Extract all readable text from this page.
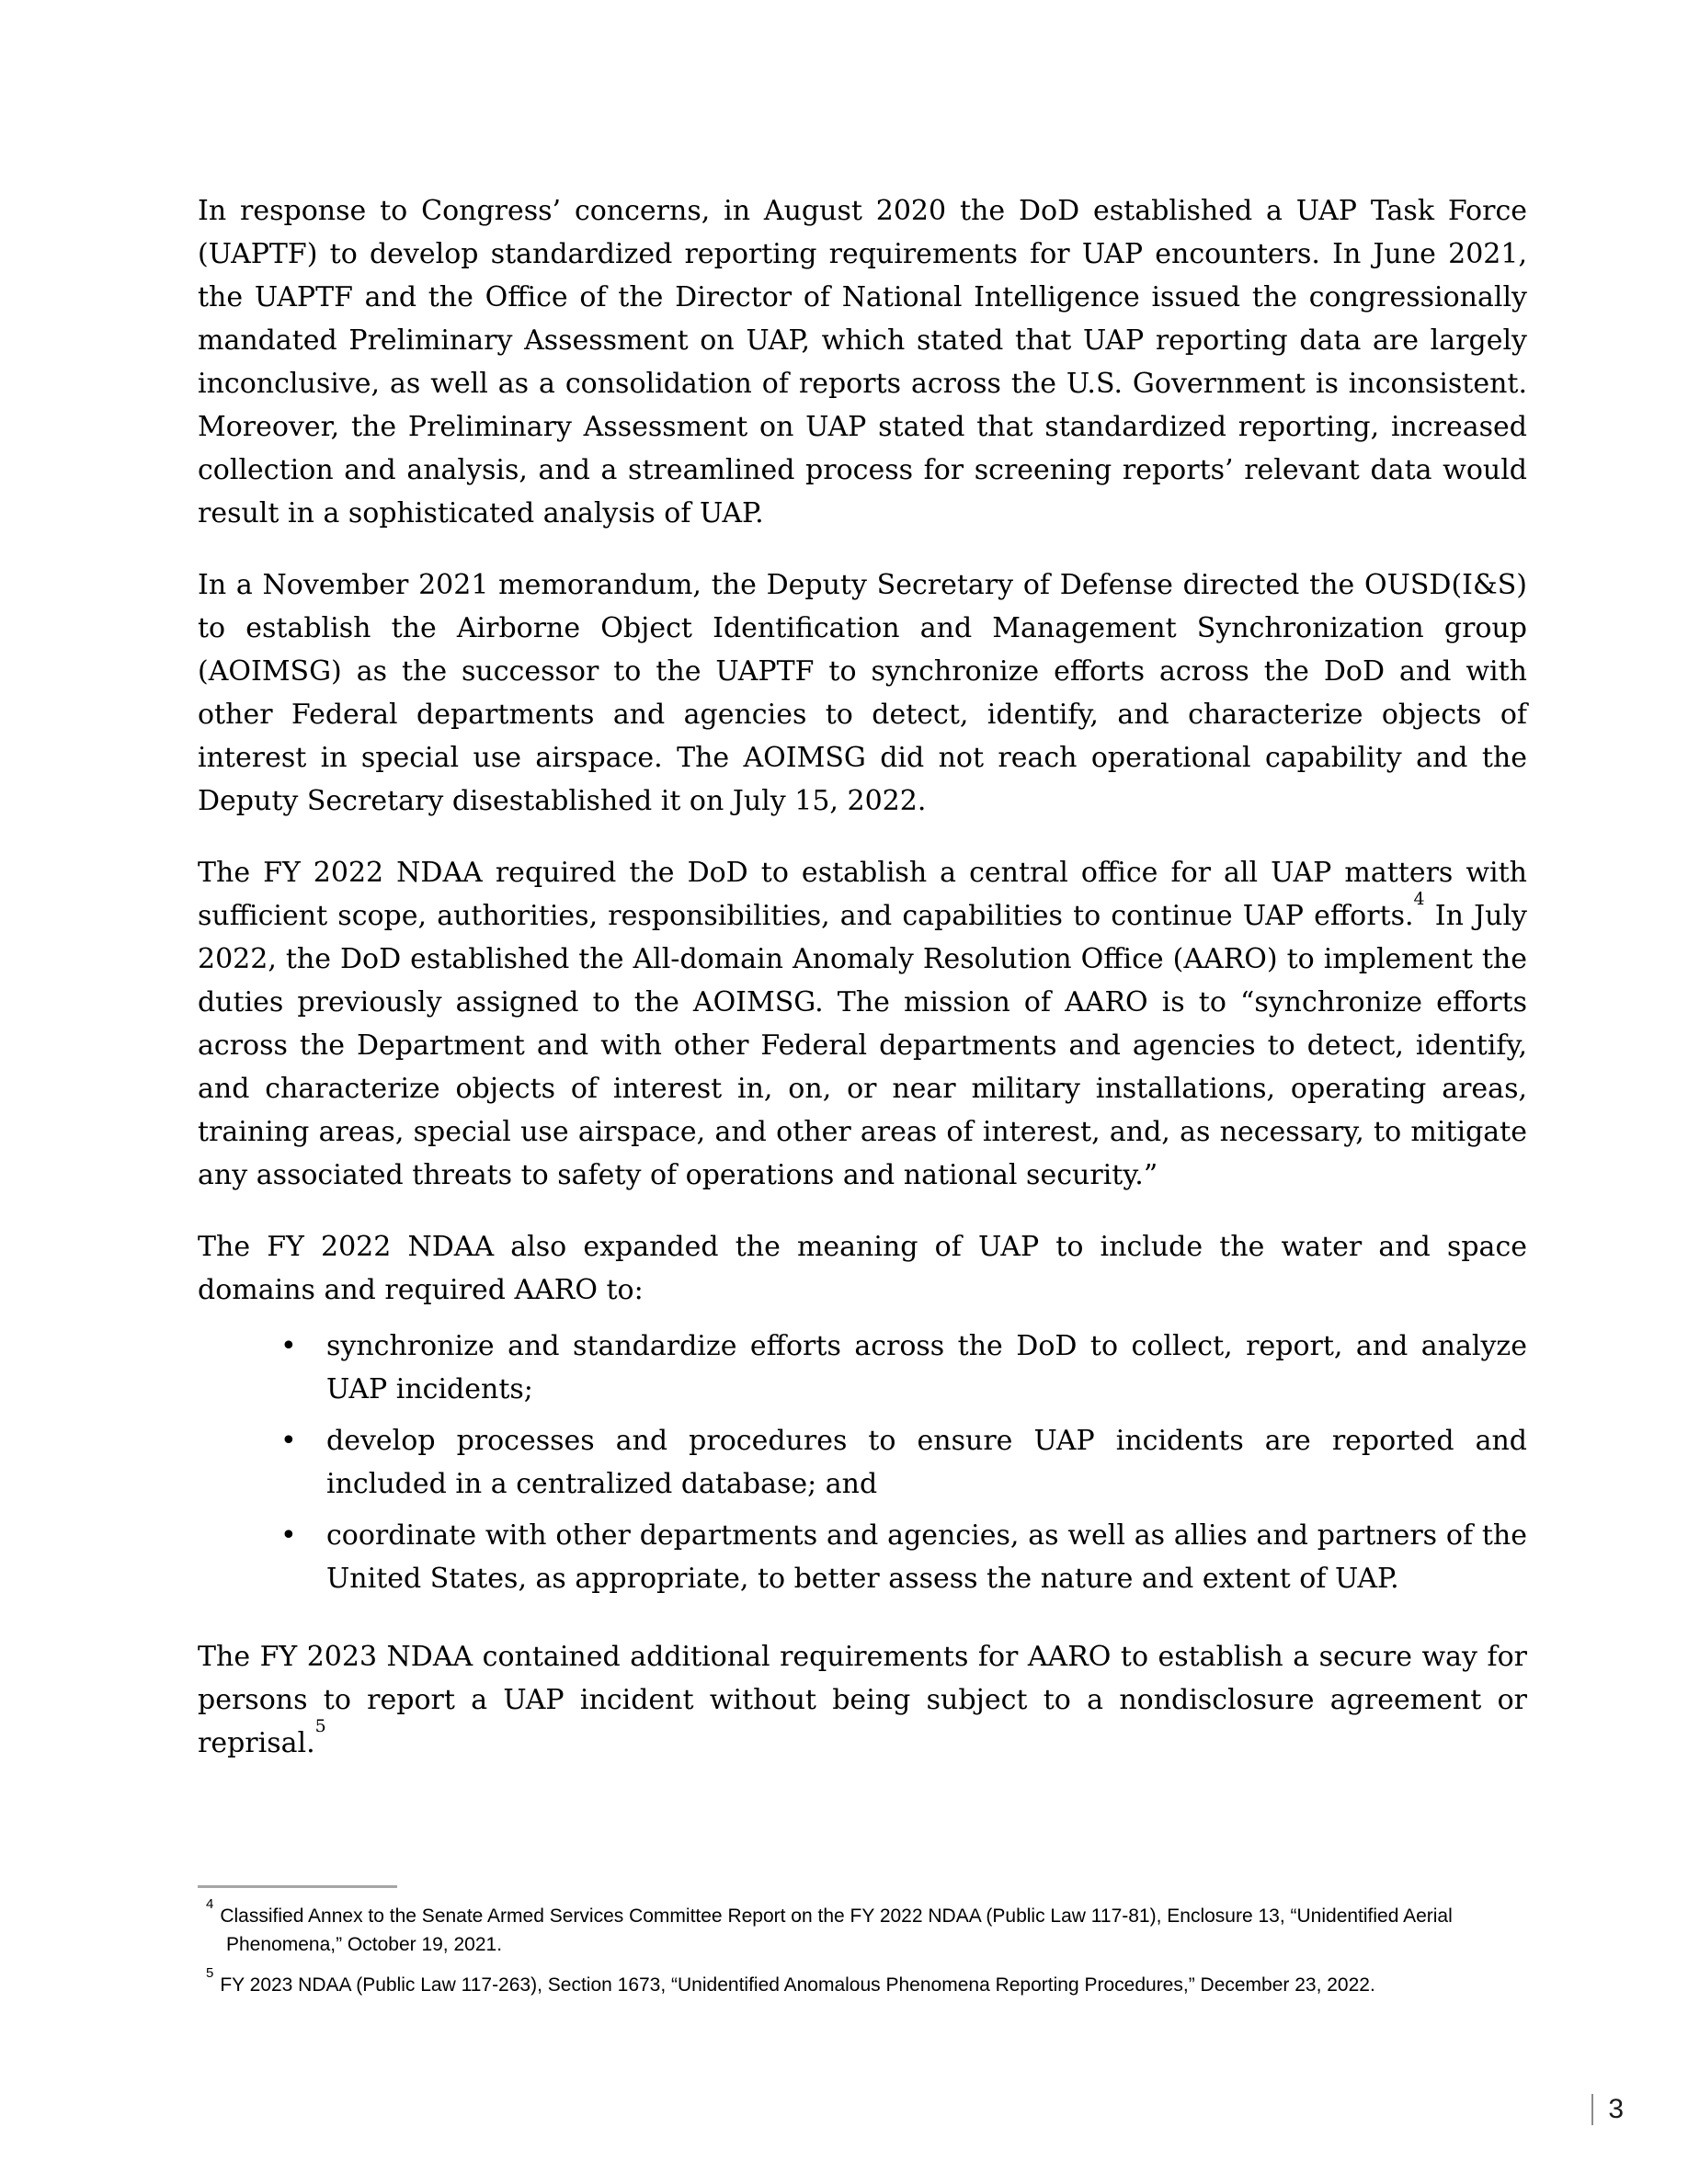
In response to Congress’ concerns, in August 2020 the DoD established a UAP Task Force (UAPTF) to develop standardized reporting requirements for UAP encounters. In June 2021, the UAPTF and the Office of the Director of National Intelligence issued the congressionally mandated Preliminary Assessment on UAP, which stated that UAP reporting data are largely inconclusive, as well as a consolidation of reports across the U.S. Government is inconsistent. Moreover, the Preliminary Assessment on UAP stated that standardized reporting, increased collection and analysis, and a streamlined process for screening reports’ relevant data would result in a sophisticated analysis of UAP.

In a November 2021 memorandum, the Deputy Secretary of Defense directed the OUSD(I&S) to establish the Airborne Object Identification and Management Synchronization group (AOIMSG) as the successor to the UAPTF to synchronize efforts across the DoD and with other Federal departments and agencies to detect, identify, and characterize objects of interest in special use airspace. The AOIMSG did not reach operational capability and the Deputy Secretary disestablished it on July 15, 2022.

The FY 2022 NDAA required the DoD to establish a central office for all UAP matters with sufficient scope, authorities, responsibilities, and capabilities to continue UAP efforts.$^4$ In July 2022, the DoD established the All-domain Anomaly Resolution Office (AARO) to implement the duties previously assigned to the AOIMSG. The mission of AARO is to “synchronize efforts across the Department and with other Federal departments and agencies to detect, identify, and characterize objects of interest in, on, or near military installations, operating areas, training areas, special use airspace, and other areas of interest, and, as necessary, to mitigate any associated threats to safety of operations and national security.”

The FY 2022 NDAA also expanded the meaning of UAP to include the water and space domains and required AARO to:

• synchronize and standardize efforts across the DoD to collect, report, and analyze UAP incidents;
• develop processes and procedures to ensure UAP incidents are reported and included in a centralized database; and
• coordinate with other departments and agencies, as well as allies and partners of the United States, as appropriate, to better assess the nature and extent of UAP.

The FY 2023 NDAA contained additional requirements for AARO to establish a secure way for persons to report a UAP incident without being subject to a nondisclosure agreement or reprisal.$^5$

$^4$Classified Annex to the Senate Armed Services Committee Report on the FY 2022 NDAA (Public Law 117-81), Enclosure 13, “Unidentified Aerial Phenomena,” October 19, 2021.
$^5$FY 2023 NDAA (Public Law 117-263), Section 1673, “Unidentified Anomalous Phenomena Reporting Procedures,” December 23, 2022.
3
